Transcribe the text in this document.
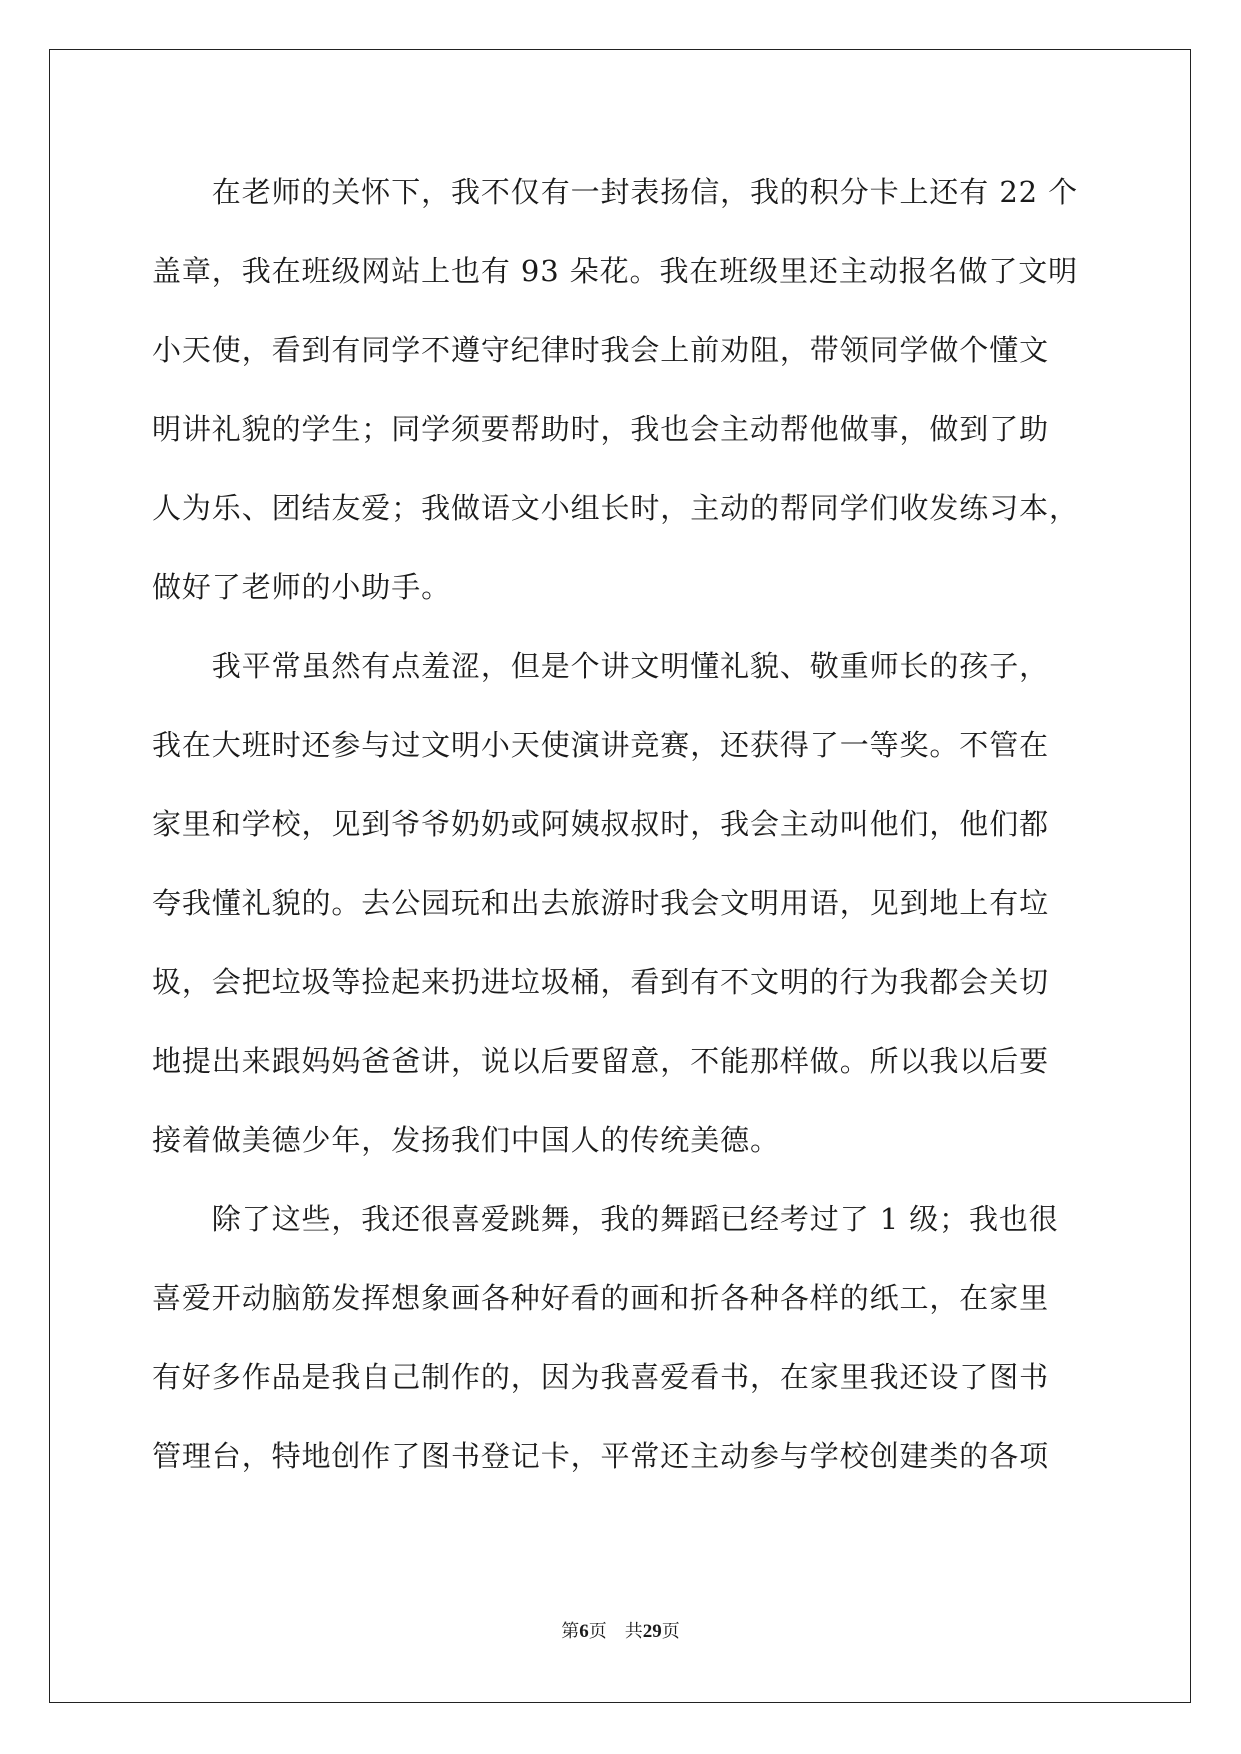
　　在老师的关怀下，我不仅有一封表扬信，我的积分卡上还有 22 个
盖章，我在班级网站上也有 93 朵花。我在班级里还主动报名做了文明
小天使，看到有同学不遵守纪律时我会上前劝阻，带领同学做个懂文
明讲礼貌的学生；同学须要帮助时，我也会主动帮他做事，做到了助
人为乐、团结友爱；我做语文小组长时，主动的帮同学们收发练习本，
做好了老师的小助手。
　　我平常虽然有点羞涩，但是个讲文明懂礼貌、敬重师长的孩子，
我在大班时还参与过文明小天使演讲竞赛，还获得了一等奖。不管在
家里和学校，见到爷爷奶奶或阿姨叔叔时，我会主动叫他们，他们都
夸我懂礼貌的。去公园玩和出去旅游时我会文明用语，见到地上有垃
圾，会把垃圾等捡起来扔进垃圾桶，看到有不文明的行为我都会关切
地提出来跟妈妈爸爸讲，说以后要留意，不能那样做。所以我以后要
接着做美德少年，发扬我们中国人的传统美德。
　　除了这些，我还很喜爱跳舞，我的舞蹈已经考过了 1 级；我也很
喜爱开动脑筋发挥想象画各种好看的画和折各种各样的纸工，在家里
有好多作品是我自己制作的，因为我喜爱看书，在家里我还设了图书
管理台，特地创作了图书登记卡，平常还主动参与学校创建类的各项
第6页　 共29页
